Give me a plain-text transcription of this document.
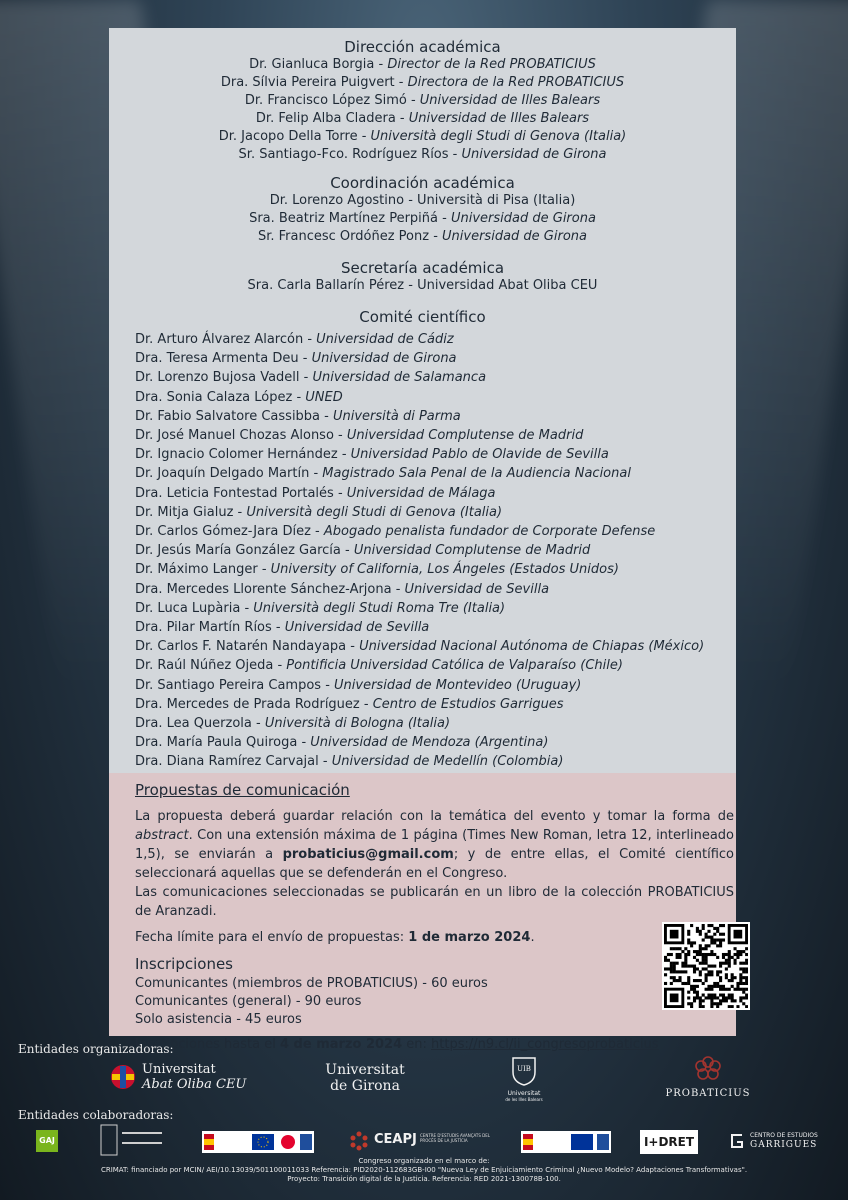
Dirección académica
Dr. Gianluca Borgia - Director de la Red PROBATICIUS
Dra. Sílvia Pereira Puigvert - Directora de la Red PROBATICIUS
Dr. Francisco López Simó - Universidad de Illes Balears
Dr. Felip Alba Cladera - Universidad de Illes Balears
Dr. Jacopo Della Torre - Università degli Studi di Genova (Italia)
Sr. Santiago-Fco. Rodríguez Ríos - Universidad de Girona
Coordinación académica
Dr. Lorenzo Agostino - Università di Pisa (Italia)
Sra. Beatriz Martínez Perpiñá - Universidad de Girona
Sr. Francesc Ordóñez Ponz - Universidad de Girona
Secretaría académica
Sra. Carla Ballarín Pérez - Universidad Abat Oliba CEU
Comité científico
Dr. Arturo Álvarez Alarcón - Universidad de Cádiz
Dra. Teresa Armenta Deu - Universidad de Girona
Dr. Lorenzo Bujosa Vadell - Universidad de Salamanca
Dra. Sonia Calaza López - UNED
Dr. Fabio Salvatore Cassibba - Università di Parma
Dr. José Manuel Chozas Alonso - Universidad Complutense de Madrid
Dr. Ignacio Colomer Hernández - Universidad Pablo de Olavide de Sevilla
Dr. Joaquín Delgado Martín - Magistrado Sala Penal de la Audiencia Nacional
Dra. Leticia Fontestad Portalés - Universidad de Málaga
Dr. Mitja Gialuz - Università degli Studi di Genova (Italia)
Dr. Carlos Gómez-Jara Díez - Abogado penalista fundador de Corporate Defense
Dr. Jesús María González García - Universidad Complutense de Madrid
Dr. Máximo Langer - University of California, Los Ángeles (Estados Unidos)
Dra. Mercedes Llorente Sánchez-Arjona - Universidad de Sevilla
Dr. Luca Lupària - Università degli Studi Roma Tre (Italia)
Dra. Pilar Martín Ríos - Universidad de Sevilla
Dr. Carlos F. Natarén Nandayapa - Universidad Nacional Autónoma de Chiapas (México)
Dr. Raúl Núñez Ojeda - Pontificia Universidad Católica de Valparaíso (Chile)
Dr. Santiago Pereira Campos - Universidad de Montevideo (Uruguay)
Dra. Mercedes de Prada Rodríguez - Centro de Estudios Garrigues
Dra. Lea Querzola - Università di Bologna (Italia)
Dra. María Paula Quiroga - Universidad de Mendoza (Argentina)
Dra. Diana Ramírez Carvajal - Universidad de Medellín (Colombia)
Propuestas de comunicación

La propuesta deberá guardar relación con la temática del evento y tomar la forma de abstract. Con una extensión máxima de 1 página (Times New Roman, letra 12, interlineado 1,5), se enviarán a probaticius@gmail.com; y de entre ellas, el Comité científico seleccionará aquellas que se defenderán en el Congreso.

Las comunicaciones seleccionadas se publicarán en un libro de la colección PROBATICIUS de Aranzadi.

Fecha límite para el envío de propuestas: 1 de marzo 2024.

Inscripciones

Comunicantes (miembros de PROBATICIUS) - 60 euros

Comunicantes (general) - 90 euros

Solo asistencia - 45 euros

Inscripciones hasta el 4 de marzo 2024 en: https://n9.cl/ii_congresoprobaticius

Entidades organizadoras:
Universitat
Abat Oliba CEU
Universitat
de Girona
UIB
Universitat
de les Illes Balears
PROBATICIUS
Entidades colaboradoras:
GAJ	CEAPJ CENTRE D'ESTUDIS AVANÇATS DEL PROCÉS DE LA JUSTÍCIA	I+DRET	CENTRO DE ESTUDIOS
GARRIGUES
Congreso organizado en el marco de:
CRIMAT: financiado por MCIN/ AEI/10.13039/501100011033 Referencia: PID2020-112683GB-I00 "Nueva Ley de Enjuiciamiento Criminal ¿Nuevo Modelo? Adaptaciones Transformativas".
Proyecto: Transición digital de la Justicia. Referencia: RED 2021-130078B-100.
